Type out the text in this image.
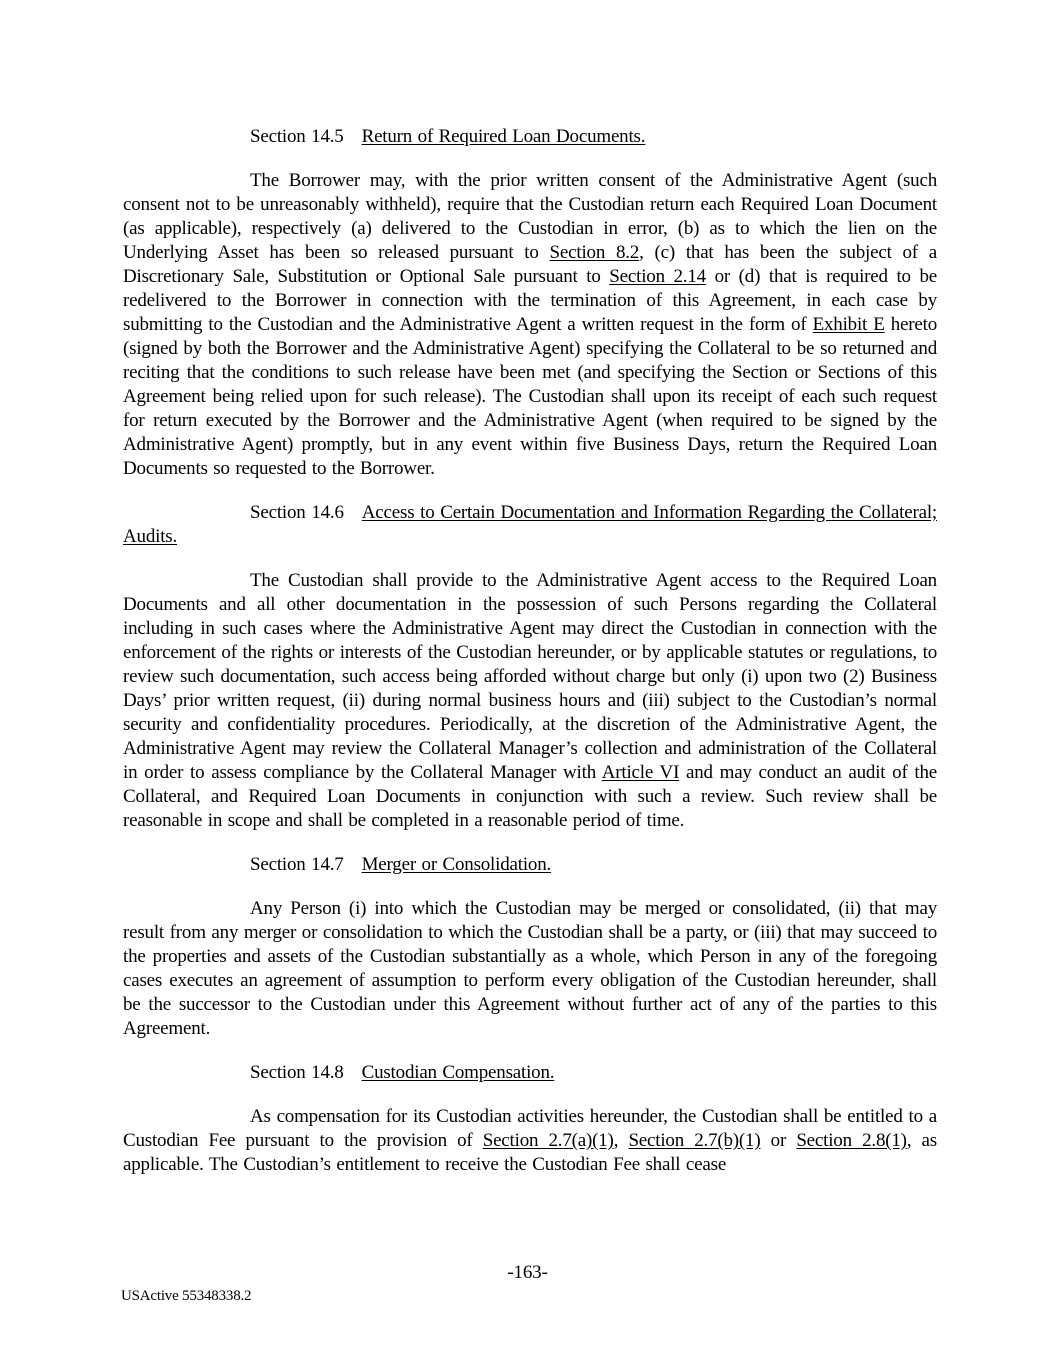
Section 14.5 Return of Required Loan Documents.

The Borrower may, with the prior written consent of the Administrative Agent (such consent not to be unreasonably withheld), require that the Custodian return each Required Loan Document (as applicable), respectively (a) delivered to the Custodian in error, (b) as to which the lien on the Underlying Asset has been so released pursuant to Section 8.2, (c) that has been the subject of a Discretionary Sale, Substitution or Optional Sale pursuant to Section 2.14 or (d) that is required to be redelivered to the Borrower in connection with the termination of this Agreement, in each case by submitting to the Custodian and the Administrative Agent a written request in the form of Exhibit E hereto (signed by both the Borrower and the Administrative Agent) specifying the Collateral to be so returned and reciting that the conditions to such release have been met (and specifying the Section or Sections of this Agreement being relied upon for such release). The Custodian shall upon its receipt of each such request for return executed by the Borrower and the Administrative Agent (when required to be signed by the Administrative Agent) promptly, but in any event within five Business Days, return the Required Loan Documents so requested to the Borrower.

Section 14.6 Access to Certain Documentation and Information Regarding the Collateral; Audits.

The Custodian shall provide to the Administrative Agent access to the Required Loan Documents and all other documentation in the possession of such Persons regarding the Collateral including in such cases where the Administrative Agent may direct the Custodian in connection with the enforcement of the rights or interests of the Custodian hereunder, or by applicable statutes or regulations, to review such documentation, such access being afforded without charge but only (i) upon two (2) Business Days’ prior written request, (ii) during normal business hours and (iii) subject to the Custodian’s normal security and confidentiality procedures. Periodically, at the discretion of the Administrative Agent, the Administrative Agent may review the Collateral Manager’s collection and administration of the Collateral in order to assess compliance by the Collateral Manager with Article VI and may conduct an audit of the Collateral, and Required Loan Documents in conjunction with such a review. Such review shall be reasonable in scope and shall be completed in a reasonable period of time.

Section 14.7 Merger or Consolidation.

Any Person (i) into which the Custodian may be merged or consolidated, (ii) that may result from any merger or consolidation to which the Custodian shall be a party, or (iii) that may succeed to the properties and assets of the Custodian substantially as a whole, which Person in any of the foregoing cases executes an agreement of assumption to perform every obligation of the Custodian hereunder, shall be the successor to the Custodian under this Agreement without further act of any of the parties to this Agreement.

Section 14.8 Custodian Compensation.

As compensation for its Custodian activities hereunder, the Custodian shall be entitled to a Custodian Fee pursuant to the provision of Section 2.7(a)(1), Section 2.7(b)(1) or Section 2.8(1), as applicable. The Custodian’s entitlement to receive the Custodian Fee shall cease

-163-
USActive 55348338.2
